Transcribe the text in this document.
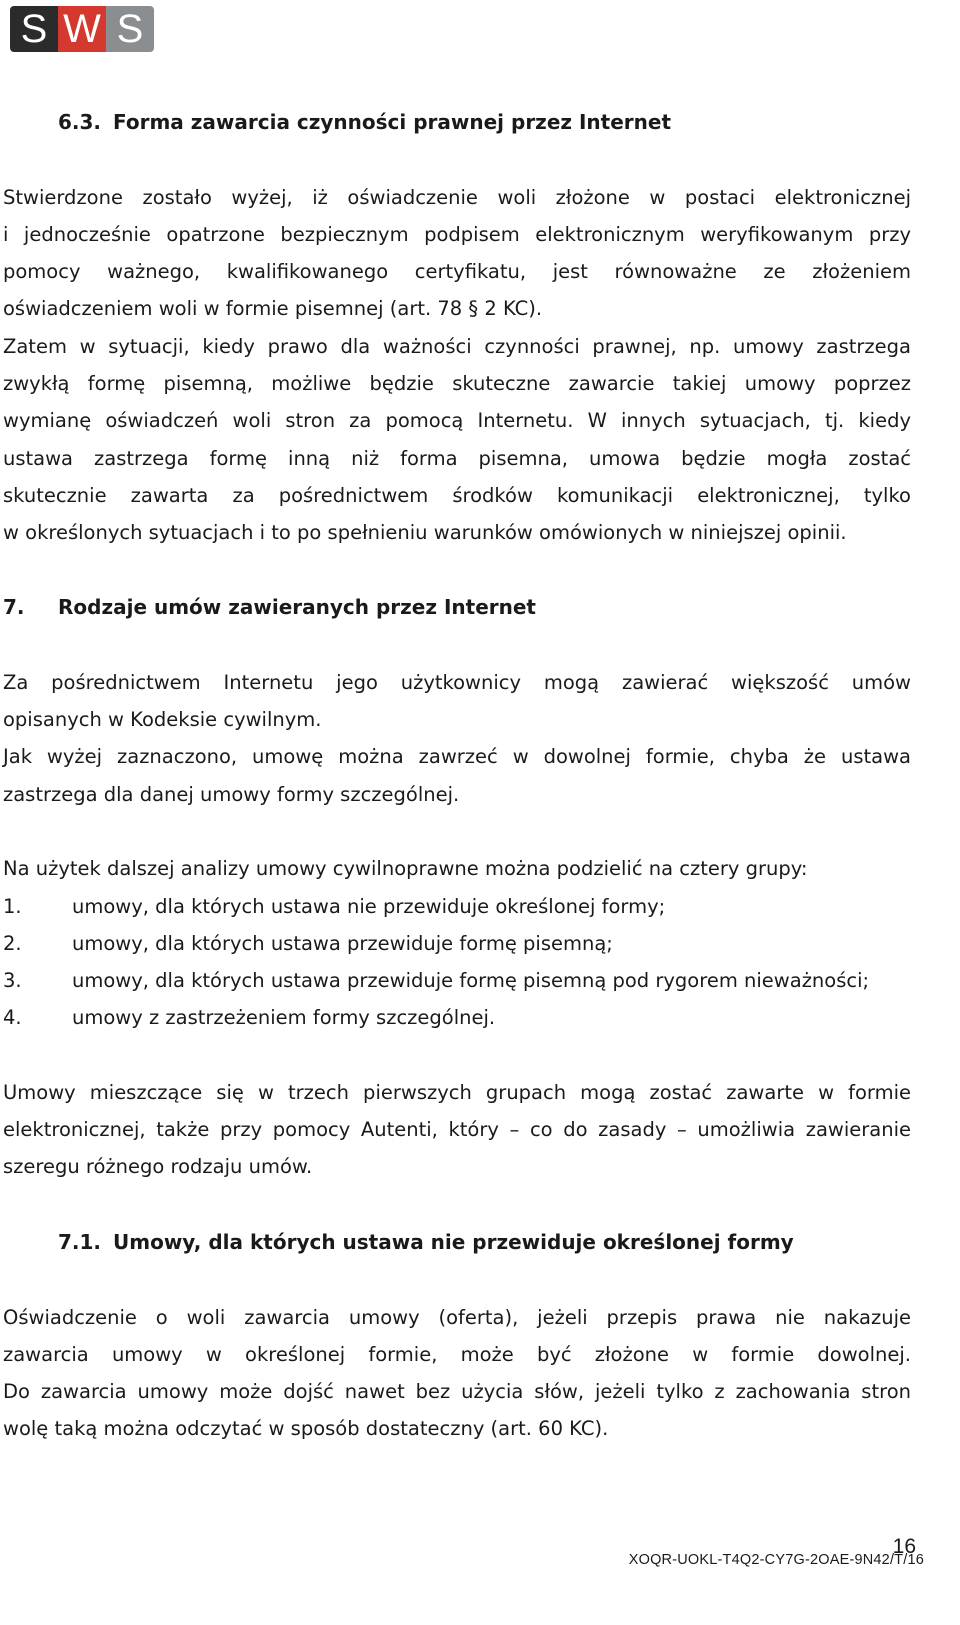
S W S
6.3. Forma zawarcia czynności prawnej przez Internet
Stwierdzone zostało wyżej, iż oświadczenie woli złożone w postaci elektronicznej
i jednocześnie opatrzone bezpiecznym podpisem elektronicznym weryfikowanym przy
pomocy ważnego, kwalifikowanego certyfikatu, jest równoważne ze złożeniem
oświadczeniem woli w formie pisemnej (art. 78 § 2 KC).
Zatem w sytuacji, kiedy prawo dla ważności czynności prawnej, np. umowy zastrzega
zwykłą formę pisemną, możliwe będzie skuteczne zawarcie takiej umowy poprzez
wymianę oświadczeń woli stron za pomocą Internetu. W innych sytuacjach, tj. kiedy
ustawa zastrzega formę inną niż forma pisemna, umowa będzie mogła zostać
skutecznie zawarta za pośrednictwem środków komunikacji elektronicznej, tylko
w określonych sytuacjach i to po spełnieniu warunków omówionych w niniejszej opinii.
7. Rodzaje umów zawieranych przez Internet
Za pośrednictwem Internetu jego użytkownicy mogą zawierać większość umów
opisanych w Kodeksie cywilnym.
Jak wyżej zaznaczono, umowę można zawrzeć w dowolnej formie, chyba że ustawa
zastrzega dla danej umowy formy szczególnej.
Na użytek dalszej analizy umowy cywilnoprawne można podzielić na cztery grupy:
1.	umowy, dla których ustawa nie przewiduje określonej formy;
2.	umowy, dla których ustawa przewiduje formę pisemną;
3.	umowy, dla których ustawa przewiduje formę pisemną pod rygorem nieważności;
4.	umowy z zastrzeżeniem formy szczególnej.
Umowy mieszczące się w trzech pierwszych grupach mogą zostać zawarte w formie
elektronicznej, także przy pomocy Autenti, który – co do zasady – umożliwia zawieranie
szeregu różnego rodzaju umów.
7.1. Umowy, dla których ustawa nie przewiduje określonej formy
Oświadczenie o woli zawarcia umowy (oferta), jeżeli przepis prawa nie nakazuje
zawarcia umowy w określonej formie, może być złożone w formie dowolnej.
Do zawarcia umowy może dojść nawet bez użycia słów, jeżeli tylko z zachowania stron
wolę taką można odczytać w sposób dostateczny (art. 60 KC).
16
XOQR-UOKL-T4Q2-CY7G-2OAE-9N42/T/16
